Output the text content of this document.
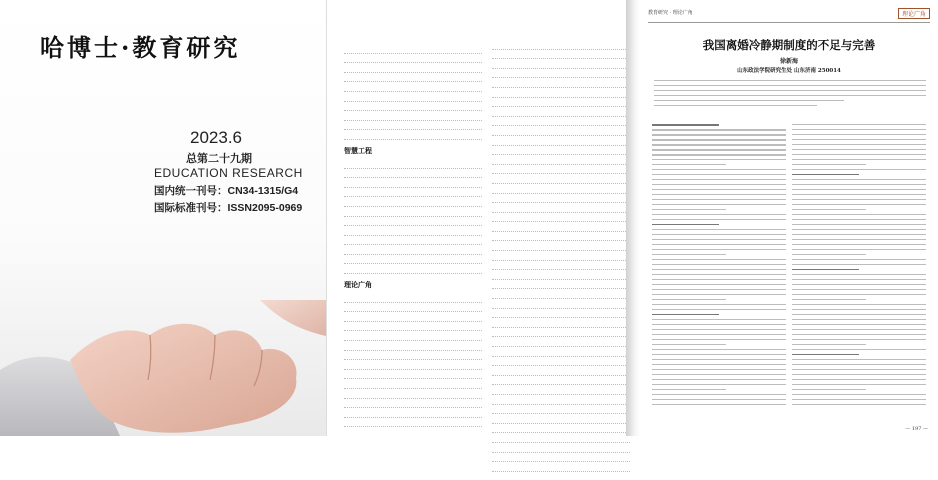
哈博士·教育研究
2023.6
总第二十九期
EDUCATION RESEARCH
国内统一刊号：CN34-1315/G4
国际标准刊号：ISSN2095-0969
智慧工程
理论广角
教育研究 · 理论广角	理论广角
我国离婚冷静期制度的不足与完善
徐新海
山东政法学院研究生处 山东济南 250014
— 197 —
